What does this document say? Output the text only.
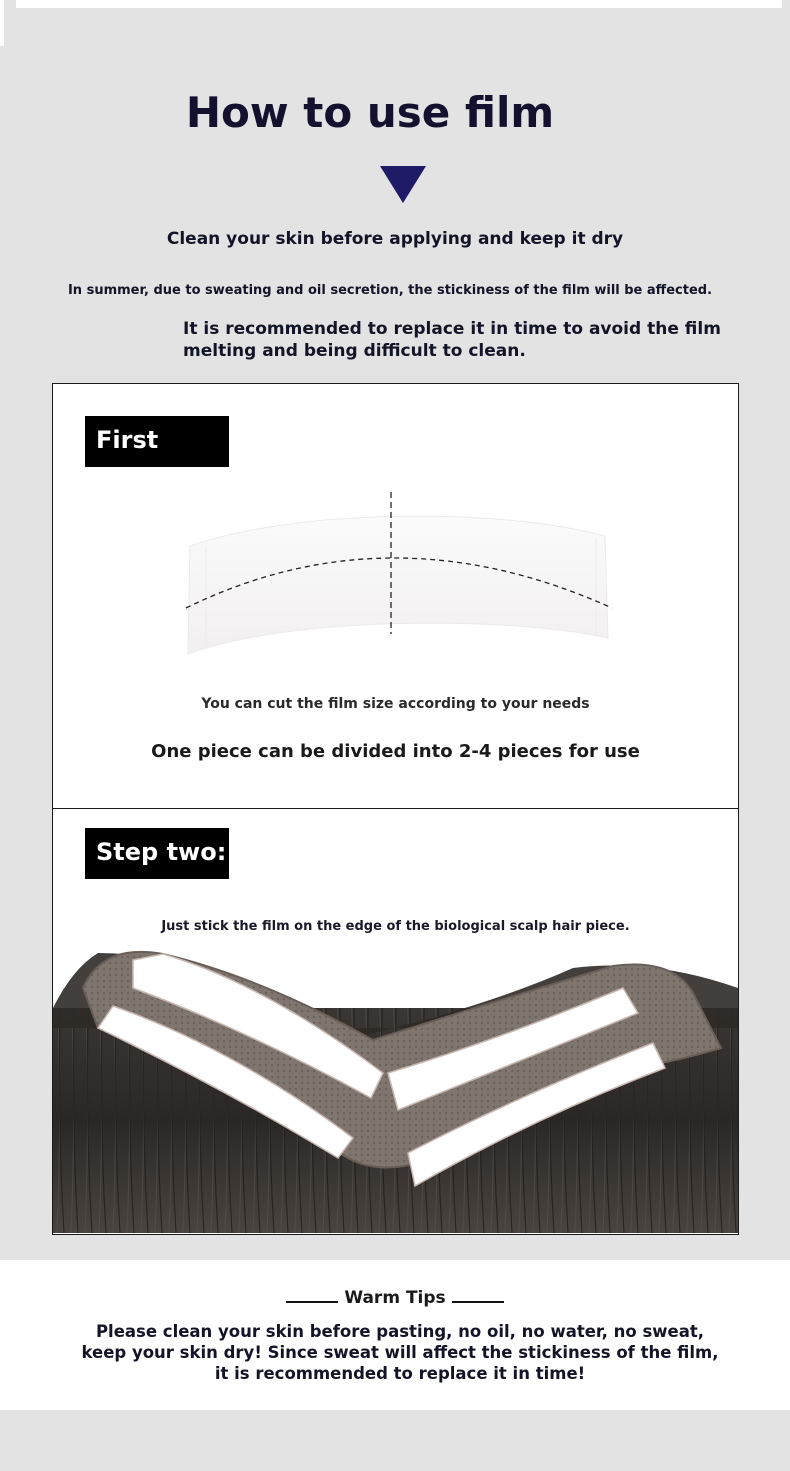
How to use film
Clean your skin before applying and keep it dry
In summer, due to sweating and oil secretion, the stickiness of the film will be affected.
It is recommended to replace it in time to avoid the film melting and being difficult to clean.
First step:
You can cut the film size according to your needs
One piece can be divided into 2-4 pieces for use
Step two:
Just stick the film on the edge of the biological scalp hair piece.
Warm Tips
Please clean your skin before pasting, no oil, no water, no sweat, keep your skin dry! Since sweat will affect the stickiness of the film, it is recommended to replace it in time!
